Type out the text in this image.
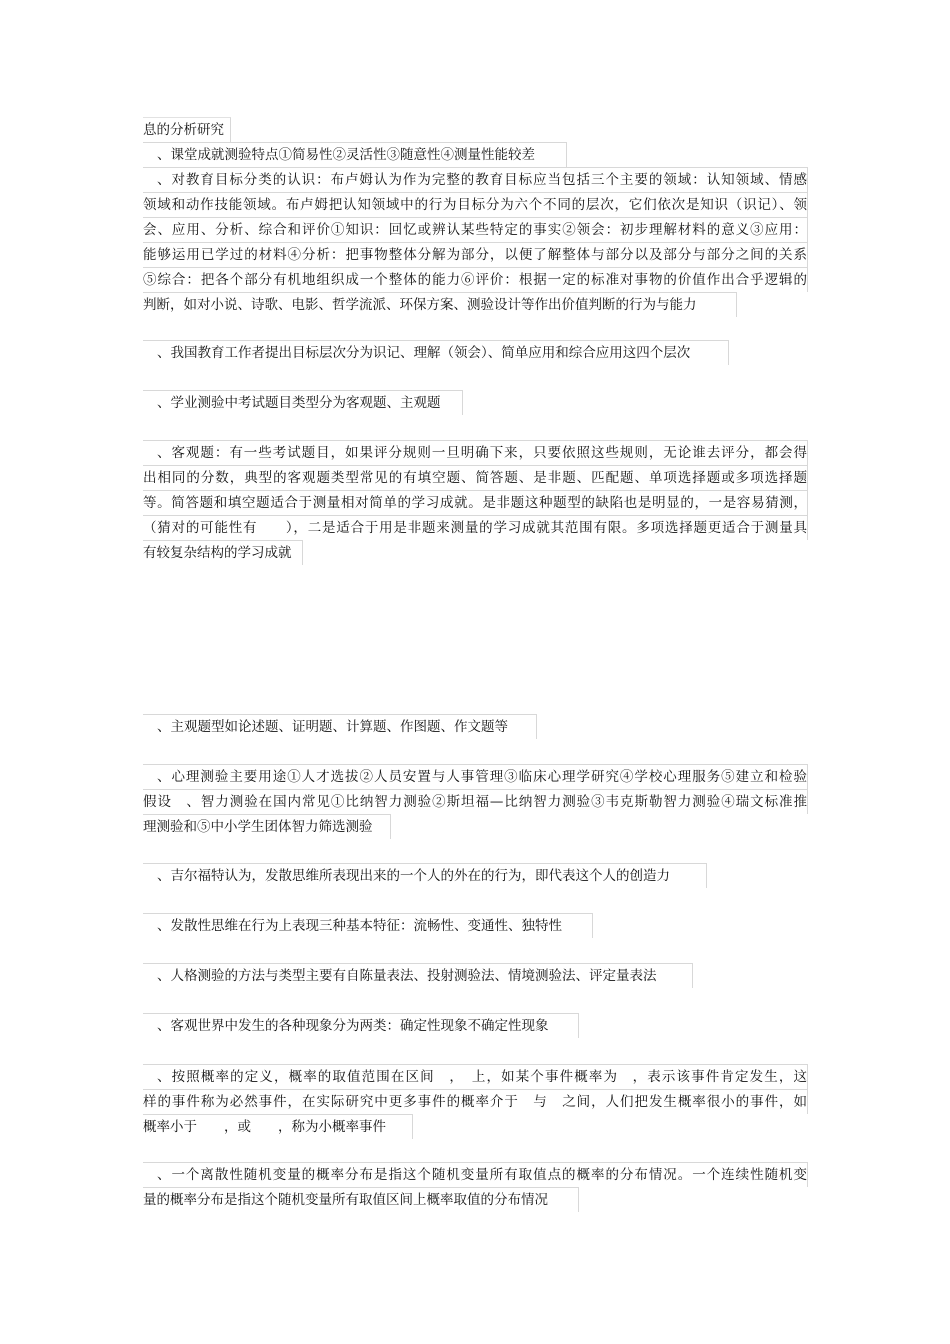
息的分析研究
、课堂成就测验特点①简易性②灵活性③随意性④测量性能较差
、对教育目标分类的认识：布卢姆认为作为完整的教育目标应当包括三个主要的领域：认知领域、情感
领域和动作技能领域。布卢姆把认知领域中的行为目标分为六个不同的层次，它们依次是知识（识记）、领
会、应用、分析、综合和评价①知识：回忆或辨认某些特定的事实②领会：初步理解材料的意义③应用：
能够运用已学过的材料④分析：把事物整体分解为部分，以便了解整体与部分以及部分与部分之间的关系
⑤综合：把各个部分有机地组织成一个整体的能力⑥评价：根据一定的标准对事物的价值作出合乎逻辑的
判断，如对小说、诗歌、电影、哲学流派、环保方案、测验设计等作出价值判断的行为与能力
、我国教育工作者提出目标层次分为识记、理解（领会）、简单应用和综合应用这四个层次
、学业测验中考试题目类型分为客观题、主观题
、客观题：有一些考试题目，如果评分规则一旦明确下来，只要依照这些规则，无论谁去评分，都会得
出相同的分数，典型的客观题类型常见的有填空题、简答题、是非题、匹配题、单项选择题或多项选择题
等。简答题和填空题适合于测量相对简单的学习成就。是非题这种题型的缺陷也是明显的，一是容易猜测，
（猜对的可能性有　　），二是适合于用是非题来测量的学习成就其范围有限。多项选择题更适合于测量具
有较复杂结构的学习成就
、主观题型如论述题、证明题、计算题、作图题、作文题等
、心理测验主要用途①人才选拔②人员安置与人事管理③临床心理学研究④学校心理服务⑤建立和检验
假设　、智力测验在国内常见①比纳智力测验②斯坦福—比纳智力测验③韦克斯勒智力测验④瑞文标准推
理测验和⑤中小学生团体智力筛选测验
、吉尔福特认为，发散思维所表现出来的一个人的外在的行为，即代表这个人的创造力
、发散性思维在行为上表现三种基本特征：流畅性、变通性、独特性
、人格测验的方法与类型主要有自陈量表法、投射测验法、情境测验法、评定量表法
、客观世界中发生的各种现象分为两类：确定性现象不确定性现象
、按照概率的定义，概率的取值范围在区间　，　上，如某个事件概率为　，表示该事件肯定发生，这
样的事件称为必然事件，在实际研究中更多事件的概率介于　与　之间，人们把发生概率很小的事件，如
概率小于　　，或　　，称为小概率事件
、一个离散性随机变量的概率分布是指这个随机变量所有取值点的概率的分布情况。一个连续性随机变
量的概率分布是指这个随机变量所有取值区间上概率取值的分布情况
